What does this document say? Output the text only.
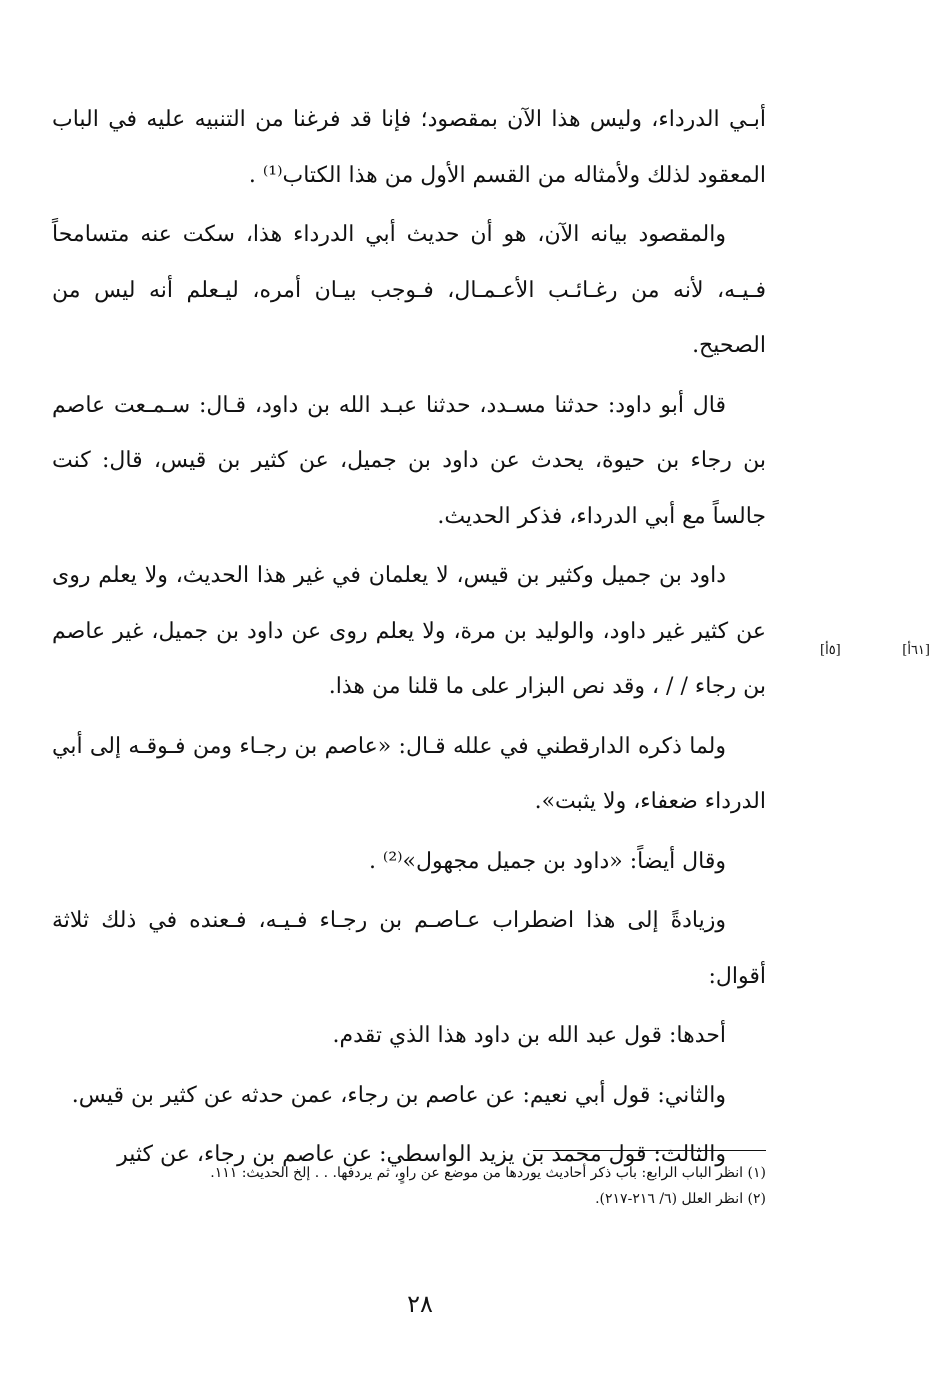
أبـي الدرداء، وليس هذا الآن بمقصود؛ فإنا قد فرغنا من التنبيه عليه في الباب المعقود لذلك ولأمثاله من القسم الأول من هذا الكتاب⁽¹⁾ .

والمقصود بيانه الآن، هو أن حديث أبي الدرداء هذا، سكت عنه متسامحاً فـيـه، لأنه من رغـائـب الأعـمـال، فـوجب بيـان أمره، ليـعلم أنه ليس من الصحيح.

قال أبو داود: حدثنا مسـدد، حدثنا عبـد الله بن داود، قـال: سـمـعت عاصم بن رجاء بن حيوة، يحدث عن داود بن جميل، عن كثير بن قيس، قال: كنت جالساً مع أبي الدرداء، فذكر الحديث.

داود بن جميل وكثير بن قيس، لا يعلمان في غير هذا الحديث، ولا يعلم روى عن كثير غير داود، والوليد بن مرة، ولا يعلم روى عن داود بن جميل، غير عاصم بن رجاء / / ، وقد نص البزار على ما قلنا من هذا.

ولما ذكره الدارقطني في علله قـال: «عاصم بن رجـاء ومن فـوقـه إلى أبي الدرداء ضعفاء، ولا يثبت».

وقال أيضاً: «داود بن جميل مجهول»⁽²⁾ .

وزيادةً إلى هذا اضطراب عـاصـم بن رجـاء فـيـه، فـعنده في ذلك ثلاثة أقوال:

أحدها: قول عبد الله بن داود هذا الذي تقدم.

والثاني: قول أبي نعيم: عن عاصم بن رجاء، عمن حدثه عن كثير بن قيس.

والثالث: قول محمد بن يزيد الواسطي: عن عاصم بن رجاء، عن كثير

[٦١أ]
[٥أ]
(١) انظر الباب الرابع: باب ذكر أحاديث يوردها من موضع عن راوٍ، ثم يردفها. . . إلخ الحديث: ١١١.
(٢) انظر العلل (٦/ ٢١٦-٢١٧).
٢٨
